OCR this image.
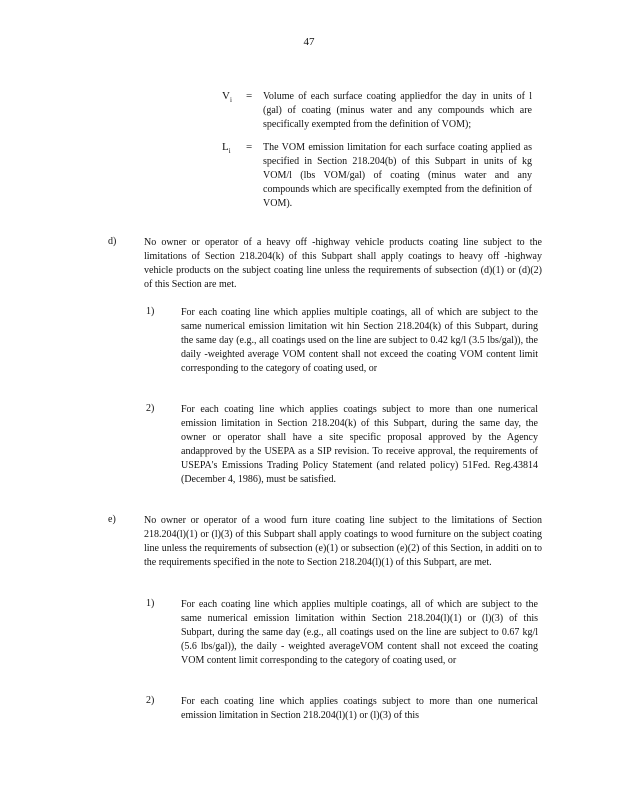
47
$V_i$ = Volume of each surface coating appliedfor the day in units of l (gal) of coating (minus water and any compounds which are specifically exempted from the definition of VOM);
$L_i$ = The VOM emission limitation for each surface coating applied as specified in Section 218.204(b) of this Subpart in units of kg VOM/l (lbs VOM/gal) of coating (minus water and any compounds which are specifically exempted from the definition of VOM).
d)	No owner or operator of a heavy off -highway vehicle products coating line subject to the limitations of Section 218.204(k) of this Subpart shall apply coatings to heavy off -highway vehicle products on the subject coating line unless the requirements of subsection (d)(1) or (d)(2) of this Section are met.
1)	For each coating line which applies multiple coatings, all of which are subject to the same numerical emission limitation wit hin Section 218.204(k) of this Subpart, during the same day (e.g., all coatings used on the line are subject to 0.42 kg/l (3.5 lbs/gal)), the daily -weighted average VOM content shall not exceed the coating VOM content limit corresponding to the category of coating used, or
2)	For each coating line which applies coatings subject to more than one numerical emission limitation in Section 218.204(k) of this Subpart, during the same day, the owner or operator shall have a site specific proposal approved by the Agency andapproved by the USEPA as a SIP revision. To receive approval, the requirements of USEPA's Emissions Trading Policy Statement (and related policy) 51Fed. Reg.43814 (December 4, 1986), must be satisfied.
e)	No owner or operator of a wood furn iture coating line subject to the limitations of Section 218.204(l)(1) or (l)(3) of this Subpart shall apply coatings to wood furniture on the subject coating line unless the requirements of subsection (e)(1) or subsection (e)(2) of this Section, in additi on to the requirements specified in the note to Section 218.204(l)(1) of this Subpart, are met.
1)	For each coating line which applies multiple coatings, all of which are subject to the same numerical emission limitation within Section 218.204(l)(1) or (l)(3) of this Subpart, during the same day (e.g., all coatings used on the line are subject to 0.67 kg/l (5.6 lbs/gal)), the daily - weighted averageVOM content shall not exceed the coating VOM content limit corresponding to the category of coating used, or
2)	For each coating line which applies coatings subject to more than one numerical emission limitation in Section 218.204(l)(1) or (l)(3) of this
